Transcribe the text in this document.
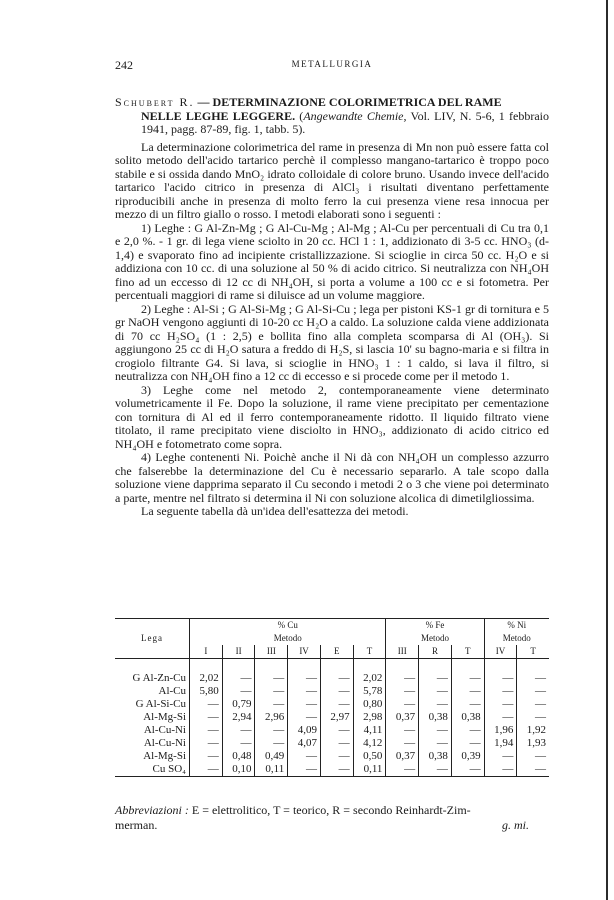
242	METALLURGIA

Schubert R. — DETERMINAZIONE COLORIMETRICA DEL RAME

NELLE LEGHE LEGGERE. (Angewandte Chemie, Vol. LIV, N. 5-6, 1 febbraio 1941, pagg. 87-89, fig. 1, tabb. 5).

La determinazione colorimetrica del rame in presenza di Mn non può essere fatta col solito metodo dell'acido tartarico perchè il complesso manganо-tartarico è troppo poco stabile e si ossida dando MnO₂ idrato colloidale di colore bruno. Usando invece dell'acido tartarico l'acido citrico in presenza di AlCl₃ i risultati diventano perfettamente riproducibili anche in presenza di molto ferro la cui presenza viene resa innocua per mezzo di un filtro giallo o rosso. I metodi elaborati sono i seguenti :

1) Leghe : G Al-Zn-Mg ; G Al-Cu-Mg ; Al-Mg ; Al-Cu per percentuali di Cu tra 0,1 e 2,0 %. - 1 gr. di lega viene sciolto in 20 cc. HCl 1 : 1, addizionato di 3-5 cc. HNO₃ (d-1,4) e svaporato fino ad incipiente cristallizzazione. Si scioglie in circa 50 cc. H₂O e si addiziona con 10 cc. di una soluzione al 50 % di acido citrico. Si neutralizza con NH₄OH fino ad un eccesso di 12 cc di NH₄OH, si porta a volume a 100 cc e si fotometra. Per percentuali maggiori di rame si diluisce ad un volume maggiore.

2) Leghe : Al-Si ; G Al-Si-Mg ; G Al-Si-Cu ; lega per pistoni KS-1 gr di tornitura e 5 gr NaOH vengono aggiunti di 10-20 cc H₂O a caldo. La soluzione calda viene addizionata di 70 cc H₂SO₄ (1 : 2,5) e bollita fino alla completa scomparsa di Al (OH₃). Si aggiungono 25 cc di H₂O satura a freddo di H₂S, si lascia 10' su bagno-maria e si filtra in crogiolo filtrante G4. Si lava, si scioglie in HNO₃ 1 : 1 caldo, si lava il filtro, si neutralizza con NH₄OH fino a 12 cc di eccesso e si procede come per il metodo 1.

3) Leghe come nel metodo 2, contemporaneamente viene determinato volumetricamente il Fe. Dopo la soluzione, il rame viene precipitato per cementazione con tornitura di Al ed il ferro contemporaneamente ridotto. Il liquido filtrato viene titolato, il rame precipitato viene disciolto in HNO₃, addizionato di acido citrico ed NH₄OH e fotometrato come sopra.

4) Leghe contenenti Ni. Poichè anche il Ni dà con NH₄OH un complesso azzurro che falserebbe la determinazione del Cu è necessario separarlo. A tale scopo dalla soluzione viene dapprima separato il Cu secondo i metodi 2 o 3 che viene poi determinato a parte, mentre nel filtrato si determina il Ni con soluzione alcolica di dimetilgliossima.

La seguente tabella dà un'idea dell'esattezza dei metodi.

Lega	% Cu						% Fe			% Ni	
	Metodo						Metodo			Metodo	
	I	II	III	IV	E	T	III	R	T	IV	T

G Al-Zn-Cu	2,02	—	—	—	—	2,02	—	—	—	—	—
Al-Cu	5,80	—	—	—	—	5,78	—	—	—	—	—
G Al-Si-Cu	—	0,79	—	—	—	0,80	—	—	—	—	—
Al-Mg-Si	—	2,94	2,96	—	2,97	2,98	0,37	0,38	0,38	—	—
Al-Cu-Ni	—	—	—	4,09	—	4,11	—	—	—	1,96	1,92
Al-Cu-Ni	—	—	—	4,07	—	4,12	—	—	—	1,94	1,93
Al-Mg-Si	—	0,48	0,49	—	—	0,50	0,37	0,38	0,39	—	—
Cu SO₄	—	0,10	0,11	—	—	0,11	—	—	—	—	—
Abbreviazioni : E = elettrolitico, T = teorico, R = secondo Reinhardt-Zim-
merman.	g. mi.
